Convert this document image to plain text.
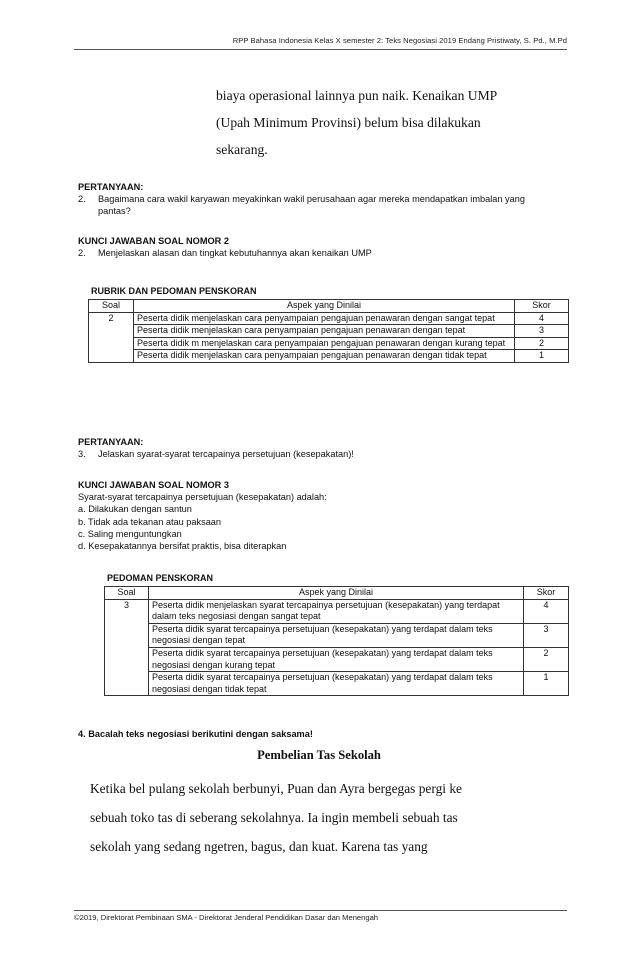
RPP Bahasa Indonesia Kelas X semester 2: Teks Negosiasi 2019 Endang Pristiwaty, S. Pd., M.Pd
biaya operasional lainnya pun naik. Kenaikan UMP
(Upah Minimum Provinsi) belum bisa dilakukan
sekarang.
PERTANYAAN:
2. Bagaimana cara wakil karyawan meyakinkan wakil perusahaan agar mereka mendapatkan imbalan yang pantas?
KUNCI JAWABAN SOAL NOMOR 2
2. Menjelaskan alasan dan tingkat kebutuhannya akan kenaikan UMP
RUBRIK DAN PEDOMAN PENSKORAN
Soal	Aspek yang Dinilai	Skor
2	Peserta didik menjelaskan cara penyampaian pengajuan penawaran dengan sangat tepat	4
	Peserta didik menjelaskan cara penyampaian pengajuan penawaran dengan tepat	3
	Peserta didik m menjelaskan cara penyampaian pengajuan penawaran dengan kurang tepat	2
	Peserta didik menjelaskan cara penyampaian pengajuan penawaran dengan tidak tepat	1
PERTANYAAN:
3. Jelaskan syarat-syarat tercapainya persetujuan (kesepakatan)!
KUNCI JAWABAN SOAL NOMOR 3
Syarat-syarat tercapainya persetujuan (kesepakatan) adalah:
a. Dilakukan dengan santun
b. Tidak ada tekanan atau paksaan
c. Saling menguntungkan
d. Kesepakatannya bersifat praktis, bisa diterapkan
PEDOMAN PENSKORAN
Soal	Aspek yang Dinilai	Skor
3	Peserta didik menjelaskan syarat tercapainya persetujuan (kesepakatan) yang terdapat dalam teks negosiasi dengan sangat tepat	4
	Peserta didik syarat tercapainya persetujuan (kesepakatan) yang terdapat dalam teks negosiasi dengan tepat	3
	Peserta didik syarat tercapainya persetujuan (kesepakatan) yang terdapat dalam teks negosiasi dengan kurang tepat	2
	Peserta didik syarat tercapainya persetujuan (kesepakatan) yang terdapat dalam teks negosiasi dengan tidak tepat	1
4. Bacalah teks negosiasi berikutini dengan saksama!
Pembelian Tas Sekolah
Ketika bel pulang sekolah berbunyi, Puan dan Ayra bergegas pergi ke
sebuah toko tas di seberang sekolahnya. Ia ingin membeli sebuah tas
sekolah yang sedang ngetren, bagus, dan kuat. Karena tas yang
©2019, Direktorat Pembinaan SMA - Direktorat Jenderal Pendidikan Dasar dan Menengah
